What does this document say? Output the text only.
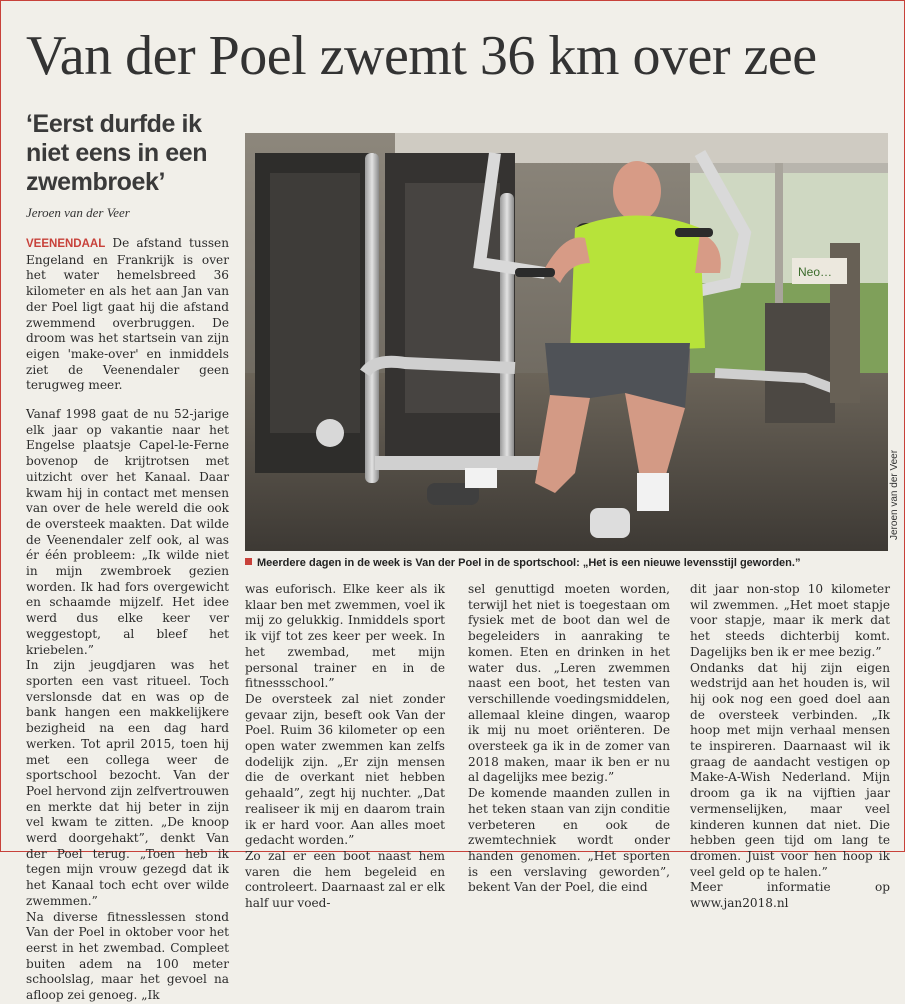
Van der Poel zwemt 36 km over zee
‘Eerst durfde ik niet eens in een zwembroek’
Jeroen van der Veer

VEENENDAAL De afstand tussen Engeland en Frankrijk is over het water hemelsbreed 36 kilometer en als het aan Jan van der Poel ligt gaat hij die afstand zwemmend overbruggen. De droom was het startsein van zijn eigen 'make-over' en inmiddels ziet de Veenendaler geen terugweg meer.

Vanaf 1998 gaat de nu 52-jarige elk jaar op vakantie naar het Engelse plaatsje Capel-le-Ferne bovenop de krijtrotsen met uitzicht over het Kanaal. Daar kwam hij in contact met mensen van over de hele wereld die ook de oversteek maakten. Dat wilde de Veenendaler zelf ook, al was ér één probleem: „Ik wilde niet in mijn zwembroek gezien worden. Ik had fors overgewicht en schaamde mijzelf. Het idee werd dus elke keer ver weggestopt, al bleef het kriebelen.”

In zijn jeugdjaren was het sporten een vast ritueel. Toch verslonsde dat en was op de bank hangen een makkelijkere bezigheid na een dag hard werken. Tot april 2015, toen hij met een collega weer de sportschool bezocht. Van der Poel hervond zijn zelfvertrouwen en merkte dat hij beter in zijn vel kwam te zitten. „De knoop werd doorgehakt”, denkt Van der Poel terug. „Toen heb ik tegen mijn vrouw gezegd dat ik het Kanaal toch echt over wilde zwemmen.”

Na diverse fitnesslessen stond Van der Poel in oktober voor het eerst in het zwembad. Compleet buiten adem na 100 meter schoolslag, maar het gevoel na afloop zei genoeg. „Ik

Neo…
Jeroen van der Veer
Meerdere dagen in de week is Van der Poel in de sportschool: „Het is een nieuwe levensstijl geworden.”

was euforisch. Elke keer als ik klaar ben met zwemmen, voel ik mij zo gelukkig. Inmiddels sport ik vijf tot zes keer per week. In het zwembad, met mijn personal trainer en in de fitnessschool.”

De oversteek zal niet zonder gevaar zijn, beseft ook Van der Poel. Ruim 36 kilometer op een open water zwemmen kan zelfs dodelijk zijn. „Er zijn mensen die de overkant niet hebben gehaald”, zegt hij nuchter. „Dat realiseer ik mij en daarom train ik er hard voor. Aan alles moet gedacht worden.”

Zo zal er een boot naast hem varen die hem begeleid en controleert. Daarnaast zal er elk half uur voed-

sel genuttigd moeten worden, terwijl het niet is toegestaan om fysiek met de boot dan wel de begeleiders in aanraking te komen. Eten en drinken in het water dus. „Leren zwemmen naast een boot, het testen van verschillende voedingsmiddelen, allemaal kleine dingen, waarop ik mij nu moet oriënteren. De oversteek ga ik in de zomer van 2018 maken, maar ik ben er nu al dagelijks mee bezig.”

De komende maanden zullen in het teken staan van zijn conditie verbeteren en ook de zwemtechniek wordt onder handen genomen. „Het sporten is een verslaving geworden”, bekent Van der Poel, die eind

dit jaar non-stop 10 kilometer wil zwemmen. „Het moet stapje voor stapje, maar ik merk dat het steeds dichterbij komt. Dagelijks ben ik er mee bezig.”

Ondanks dat hij zijn eigen wedstrijd aan het houden is, wil hij ook nog een goed doel aan de oversteek verbinden. „Ik hoop met mijn verhaal mensen te inspireren. Daarnaast wil ik graag de aandacht vestigen op Make-A-Wish Nederland. Mijn droom ga ik na vijftien jaar vermenselijken, maar veel kinderen kunnen dat niet. Die hebben geen tijd om lang te dromen. Juist voor hen hoop ik veel geld op te halen.”

Meer informatie op www.jan2018.nl
